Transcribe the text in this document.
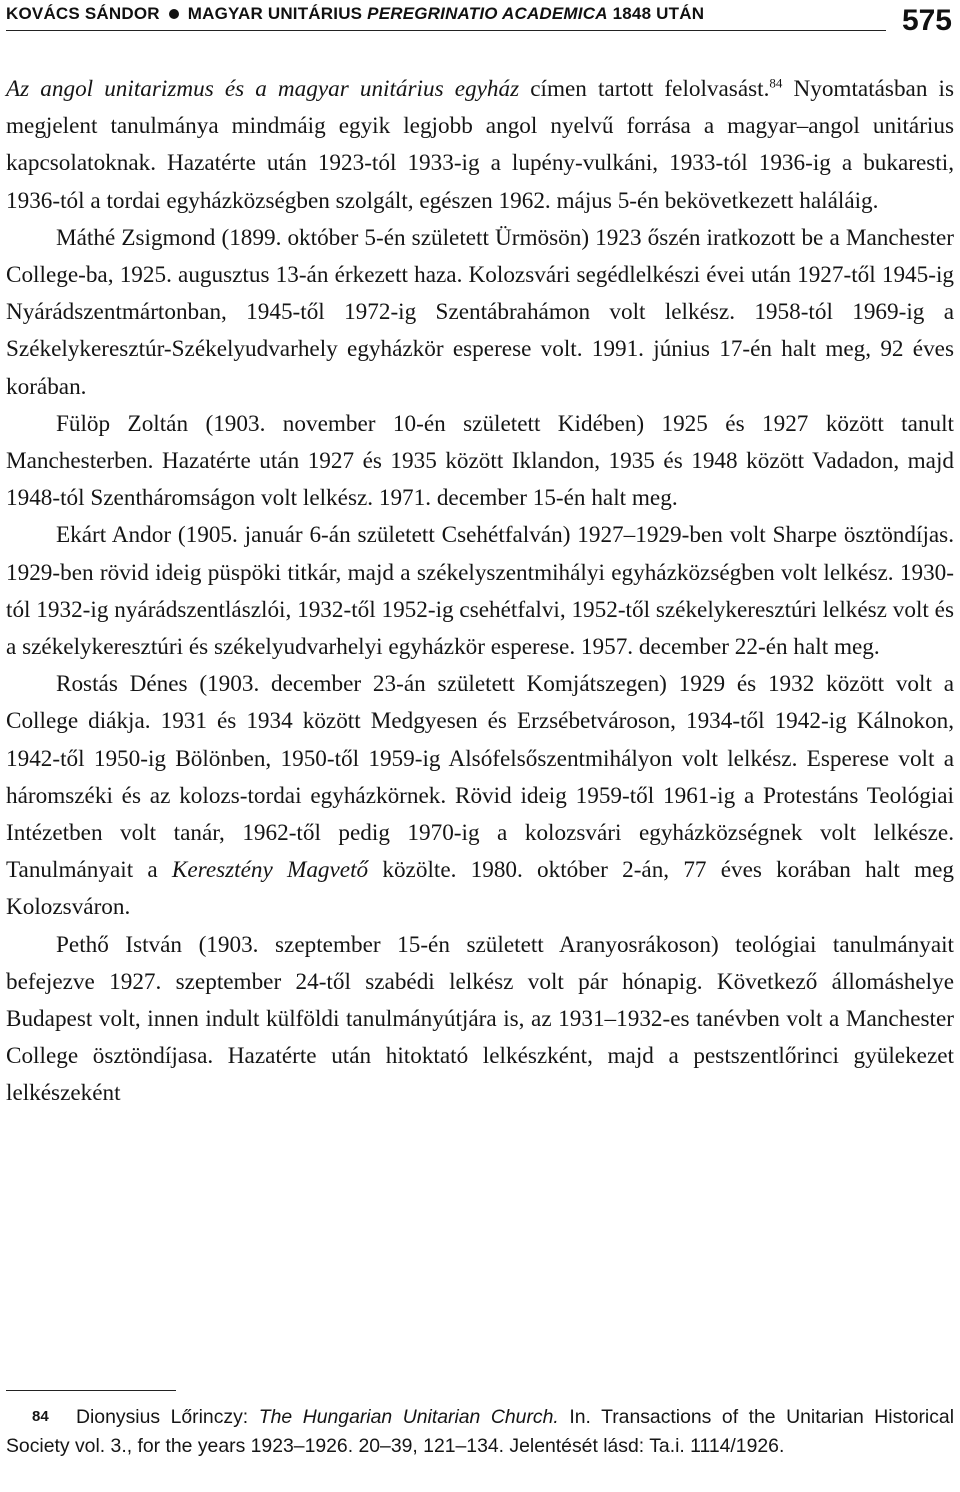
KOVÁCS SÁNDOR MAGYAR UNITÁRIUS PEREGRINATIO ACADEMICA 1848 UTÁN	575

Az angol unitarizmus és a magyar unitárius egyház címen tartott felolvasást.$^{84}$ Nyomtatásban is megjelent tanulmánya mindmáig egyik legjobb angol nyelvű forrása a magyar–angol unitárius kapcsolatoknak. Hazatérte után 1923-tól 1933-ig a lupény-vulkáni, 1933-tól 1936-ig a bukaresti, 1936-tól a tordai egyházközségben szolgált, egészen 1962. május 5-én bekövetkezett haláláig.

Máthé Zsigmond (1899. október 5-én született Ürmösön) 1923 őszén iratkozott be a Manchester College-ba, 1925. augusztus 13-án érkezett haza. Kolozsvári segédlelkészi évei után 1927-től 1945-ig Nyárádszentmártonban, 1945-től 1972-ig Szentábrahámon volt lelkész. 1958-tól 1969-ig a Székelykeresztúr-Székelyudvarhely egyházkör esperese volt. 1991. június 17-én halt meg, 92 éves korában.

Fülöp Zoltán (1903. november 10-én született Kidében) 1925 és 1927 között tanult Manchesterben. Hazatérte után 1927 és 1935 között Iklandon, 1935 és 1948 között Vadadon, majd 1948-tól Szentháromságon volt lelkész. 1971. december 15-én halt meg.

Ekárt Andor (1905. január 6-án született Csehétfalván) 1927–1929-ben volt Sharpe ösztöndíjas. 1929-ben rövid ideig püspöki titkár, majd a székelyszentmihályi egyházközségben volt lelkész. 1930-tól 1932-ig nyárádszentlászlói, 1932-től 1952-ig csehétfalvi, 1952-től székelykeresztúri lelkész volt és a székelykeresztúri és székelyudvarhelyi egyházkör esperese. 1957. december 22-én halt meg.

Rostás Dénes (1903. december 23-án született Komjátszegen) 1929 és 1932 között volt a College diákja. 1931 és 1934 között Medgyesen és Erzsébetvároson, 1934-től 1942-ig Kálnokon, 1942-től 1950-ig Bölönben, 1950-től 1959-ig Alsófelsőszentmihályon volt lelkész. Esperese volt a háromszéki és az kolozs-tordai egyházkörnek. Rövid ideig 1959-től 1961-ig a Protestáns Teológiai Intézetben volt tanár, 1962-től pedig 1970-ig a kolozsvári egyházközségnek volt lelkésze. Tanulmányait a Keresztény Magvető közölte. 1980. október 2-án, 77 éves korában halt meg Kolozsváron.

Pethő István (1903. szeptember 15-én született Aranyosrákoson) teológiai tanulmányait befejezve 1927. szeptember 24-től szabédi lelkész volt pár hónapig. Következő állomáshelye Budapest volt, innen indult külföldi tanulmányútjára is, az 1931–1932-es tanévben volt a Manchester College ösztöndíjasa. Hazatérte után hitoktató lelkészként, majd a pestszentlőrinci gyülekezet lelkészeként

84 Dionysius Lőrinczy: The Hungarian Unitarian Church. In. Transactions of the Unitarian Historical Society vol. 3., for the years 1923–1926. 20–39, 121–134. Jelentését lásd: Ta.i. 1114/1926.
